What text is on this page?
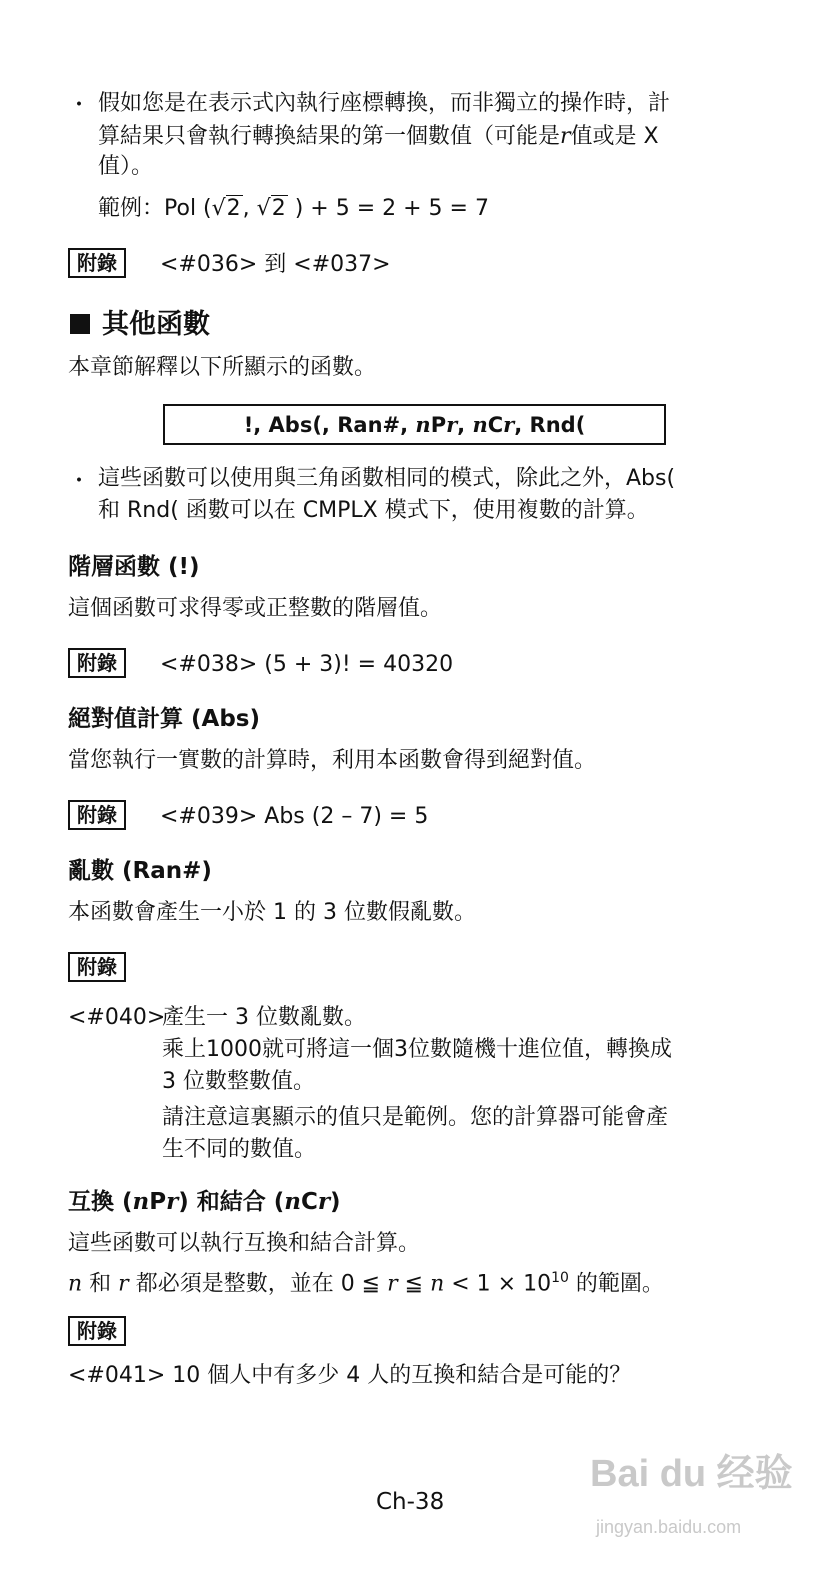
・ 假如您是在表示式內執行座標轉換，而非獨立的操作時，計
算結果只會執行轉換結果的第一個數值（可能是r值或是 X
值）。
範例：Pol (√2, √2 ) + 5 = 2 + 5 = 7
附錄	<#036> 到 <#037>
其他函數
本章節解釋以下所顯示的函數。
!, Abs(, Ran#, nPr, nCr, Rnd(
・ 這些函數可以使用與三角函數相同的模式，除此之外，Abs(
和 Rnd( 函數可以在 CMPLX 模式下，使用複數的計算。
階層函數 (!)
這個函數可求得零或正整數的階層值。
附錄	<#038> (5 + 3)! = 40320
絕對值計算 (Abs)
當您執行一實數的計算時，利用本函數會得到絕對值。
附錄	<#039> Abs (2 – 7) = 5
亂數 (Ran#)
本函數會產生一小於 1 的 3 位數假亂數。
附錄
<#040>
產生一 3 位數亂數。
乘上1000就可將這一個3位數隨機十進位值，轉換成
3 位數整數值。
請注意這裏顯示的值只是範例。您的計算器可能會產
生不同的數值。
互換 (nPr) 和結合 (nCr)
這些函數可以執行互換和結合計算。
n 和 r 都必須是整數，並在 0 ≦ r ≦ $n < 1 \times 10^{10}$ 的範圍。
附錄
<#041> 10 個人中有多少 4 人的互換和結合是可能的？
Ch-38
Bai du 经验
jingyan.baidu.com
